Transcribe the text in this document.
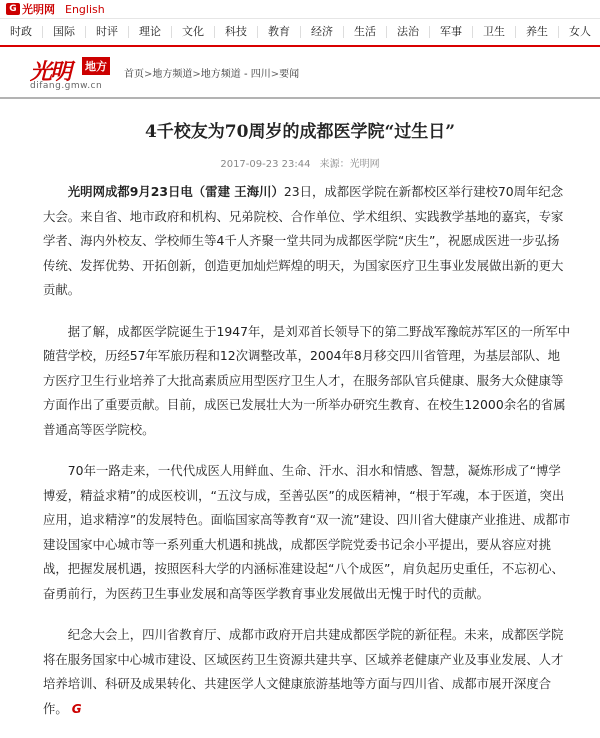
G 光明网 English
时政	国际	时评	理论	文化	科技	教育	经济	生活	法治	军事	卫生	养生	女人
光明 地方
difang.gmw.cn
首页>地方频道>地方频道 - 四川>要闻
4千校友为70周岁的成都医学院“过生日”
2017-09-23 23:44 来源：光明网

光明网成都9月23日电（雷建 王海川）23日，成都医学院在新都校区举行建校70周年纪念大会。来自省、地市政府和机构、兄弟院校、合作单位、学术组织、实践教学基地的嘉宾，专家学者、海内外校友、学校师生等4千人齐聚一堂共同为成都医学院“庆生”，祝愿成医进一步弘扬传统、发挥优势、开拓创新，创造更加灿烂辉煌的明天，为国家医疗卫生事业发展做出新的更大贡献。

据了解，成都医学院诞生于1947年，是刘邓首长领导下的第二野战军豫皖苏军区的一所军中随营学校，历经57年军旅历程和12次调整改革，2004年8月移交四川省管理，为基层部队、地方医疗卫生行业培养了大批高素质应用型医疗卫生人才，在服务部队官兵健康、服务大众健康等方面作出了重要贡献。目前，成医已发展壮大为一所举办研究生教育、在校生12000余名的省属普通高等医学院校。

70年一路走来，一代代成医人用鲜血、生命、汗水、泪水和情感、智慧，凝炼形成了“博学博爱，精益求精”的成医校训，“五汶与成，至善弘医”的成医精神，“根于军魂，本于医道，突出应用，追求精淳”的发展特色。面临国家高等教育“双一流”建设、四川省大健康产业推进、成都市建设国家中心城市等一系列重大机遇和挑战，成都医学院党委书记余小平提出，要从容应对挑战，把握发展机遇，按照医科大学的内涵标准建设起“八个成医”，肩负起历史重任，不忘初心、奋勇前行，为医药卫生事业发展和高等医学教育事业发展做出无愧于时代的贡献。

纪念大会上，四川省教育厅、成都市政府开启共建成都医学院的新征程。未来，成都医学院将在服务国家中心城市建设、区域医药卫生资源共建共享、区域养老健康产业及事业发展、人才培养培训、科研及成果转化、共建医学人文健康旅游基地等方面与四川省、成都市展开深度合作。 G
